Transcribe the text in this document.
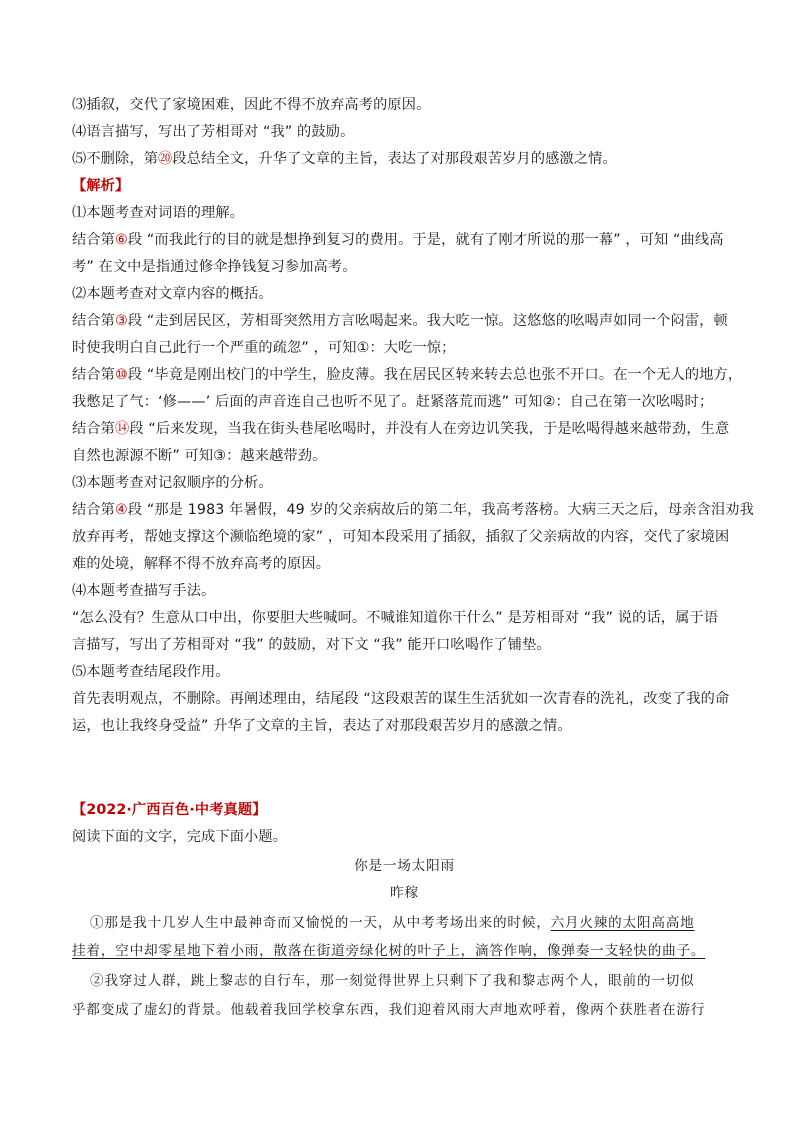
⑶插叙，交代了家境困难，因此不得不放弃高考的原因。
⑷语言描写，写出了芳相哥对 “我” 的鼓励。
⑸不删除，第⑳段总结全文，升华了文章的主旨，表达了对那段艰苦岁月的感激之情。
【解析】
⑴本题考查对词语的理解。
结合第⑥段 “而我此行的目的就是想挣到复习的费用。于是，就有了刚才所说的那一幕” ，可知 “曲线高
考” 在文中是指通过修伞挣钱复习参加高考。
⑵本题考查对文章内容的概括。
结合第③段 “走到居民区，芳相哥突然用方言吆喝起来。我大吃一惊。这悠悠的吆喝声如同一个闷雷，顿
时使我明白自己此行一个严重的疏忽” ，可知①：大吃一惊；
结合第⑩段 “毕竟是刚出校门的中学生，脸皮薄。我在居民区转来转去总也张不开口。在一个无人的地方，
我憋足了气：‘修——’ 后面的声音连自己也听不见了。赶紧落荒而逃” 可知②：自己在第一次吆喝时；
结合第⑭段 “后来发现，当我在街头巷尾吆喝时，并没有人在旁边讥笑我，于是吆喝得越来越带劲，生意
自然也源源不断” 可知③：越来越带劲。
⑶本题考查对记叙顺序的分析。
结合第④段 “那是 1983 年暑假，49 岁的父亲病故后的第二年，我高考落榜。大病三天之后，母亲含泪劝我
放弃再考，帮她支撑这个濒临绝境的家” ，可知本段采用了插叙，插叙了父亲病故的内容，交代了家境困
难的处境，解释不得不放弃高考的原因。
⑷本题考查描写手法。
“怎么没有？生意从口中出，你要胆大些喊呵。不喊谁知道你干什么” 是芳相哥对 “我” 说的话，属于语
言描写，写出了芳相哥对 “我” 的鼓励，对下文 “我” 能开口吆喝作了铺垫。
⑸本题考查结尾段作用。
首先表明观点，不删除。再阐述理由，结尾段 “这段艰苦的谋生生活犹如一次青春的洗礼，改变了我的命
运，也让我终身受益” 升华了文章的主旨，表达了对那段艰苦岁月的感激之情。
【2022·广西百色·中考真题】
阅读下面的文字，完成下面小题。
你是一场太阳雨
昨稼
①那是我十几岁人生中最神奇而又愉悦的一天，从中考考场出来的时候，六月火辣的太阳高高地
挂着，空中却零星地下着小雨，散落在街道旁绿化树的叶子上，滴答作响，像弹奏一支轻快的曲子。
②我穿过人群，跳上黎志的自行车，那一刻觉得世界上只剩下了我和黎志两个人，眼前的一切似
乎都变成了虚幻的背景。他载着我回学校拿东西，我们迎着风雨大声地欢呼着，像两个获胜者在游行
